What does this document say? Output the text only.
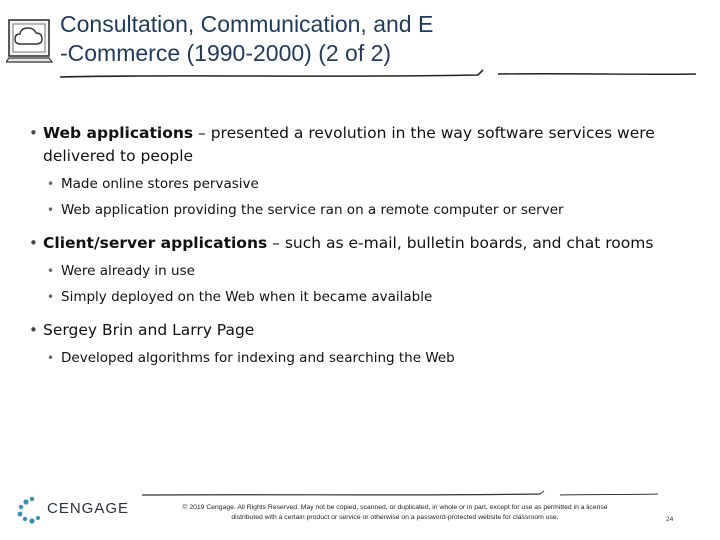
Consultation, Communication, and E
-Commerce (1990-2000) (2 of 2)
• Web applications – presented a revolution in the way software services were delivered to people
• Made online stores pervasive
• Web application providing the service ran on a remote computer or server
• Client/server applications – such as e-mail, bulletin boards, and chat rooms
• Were already in use
• Simply deployed on the Web when it became available
• Sergey Brin and Larry Page
• Developed algorithms for indexing and searching the Web
CENGAGE	© 2019 Cengage. All Rights Reserved. May not be copied, scanned, or duplicated, in whole or in part, except for use as permitted in a license
distributed with a certain product or service or otherwise on a password-protected website for classroom use.	24
